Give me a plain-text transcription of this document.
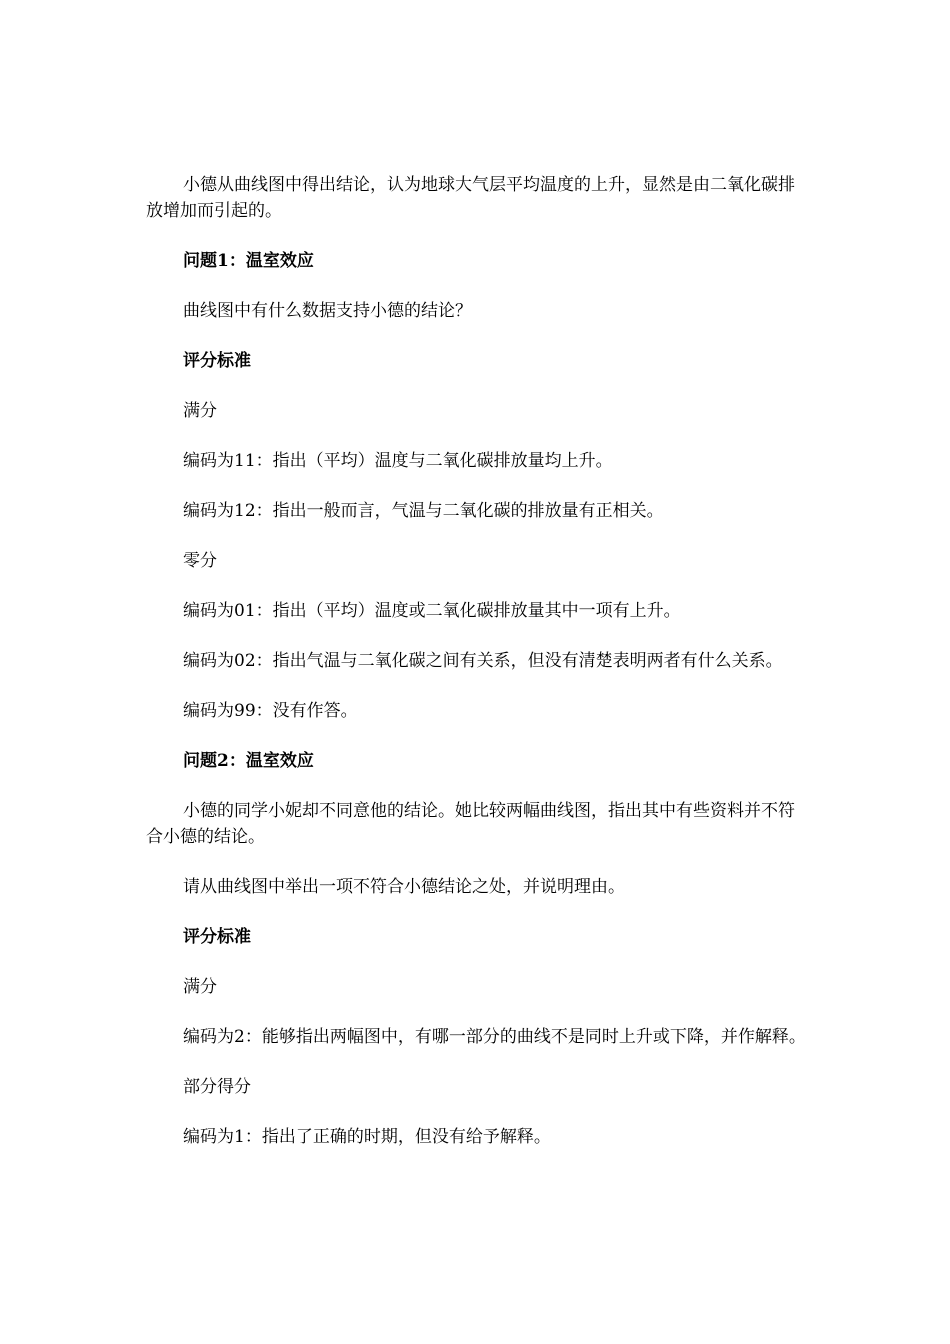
小德从曲线图中得出结论，认为地球大气层平均温度的上升，显然是由二氧化碳排放增加而引起的。

问题1：温室效应

曲线图中有什么数据支持小德的结论？

评分标准

满分

编码为11：指出（平均）温度与二氧化碳排放量均上升。

编码为12：指出一般而言，气温与二氧化碳的排放量有正相关。

零分

编码为01：指出（平均）温度或二氧化碳排放量其中一项有上升。

编码为02：指出气温与二氧化碳之间有关系，但没有清楚表明两者有什么关系。

编码为99：没有作答。

问题2：温室效应

小德的同学小妮却不同意他的结论。她比较两幅曲线图，指出其中有些资料并不符合小德的结论。

请从曲线图中举出一项不符合小德结论之处，并说明理由。

评分标准

满分

编码为2：能够指出两幅图中，有哪一部分的曲线不是同时上升或下降，并作解释。

部分得分

编码为1：指出了正确的时期，但没有给予解释。
